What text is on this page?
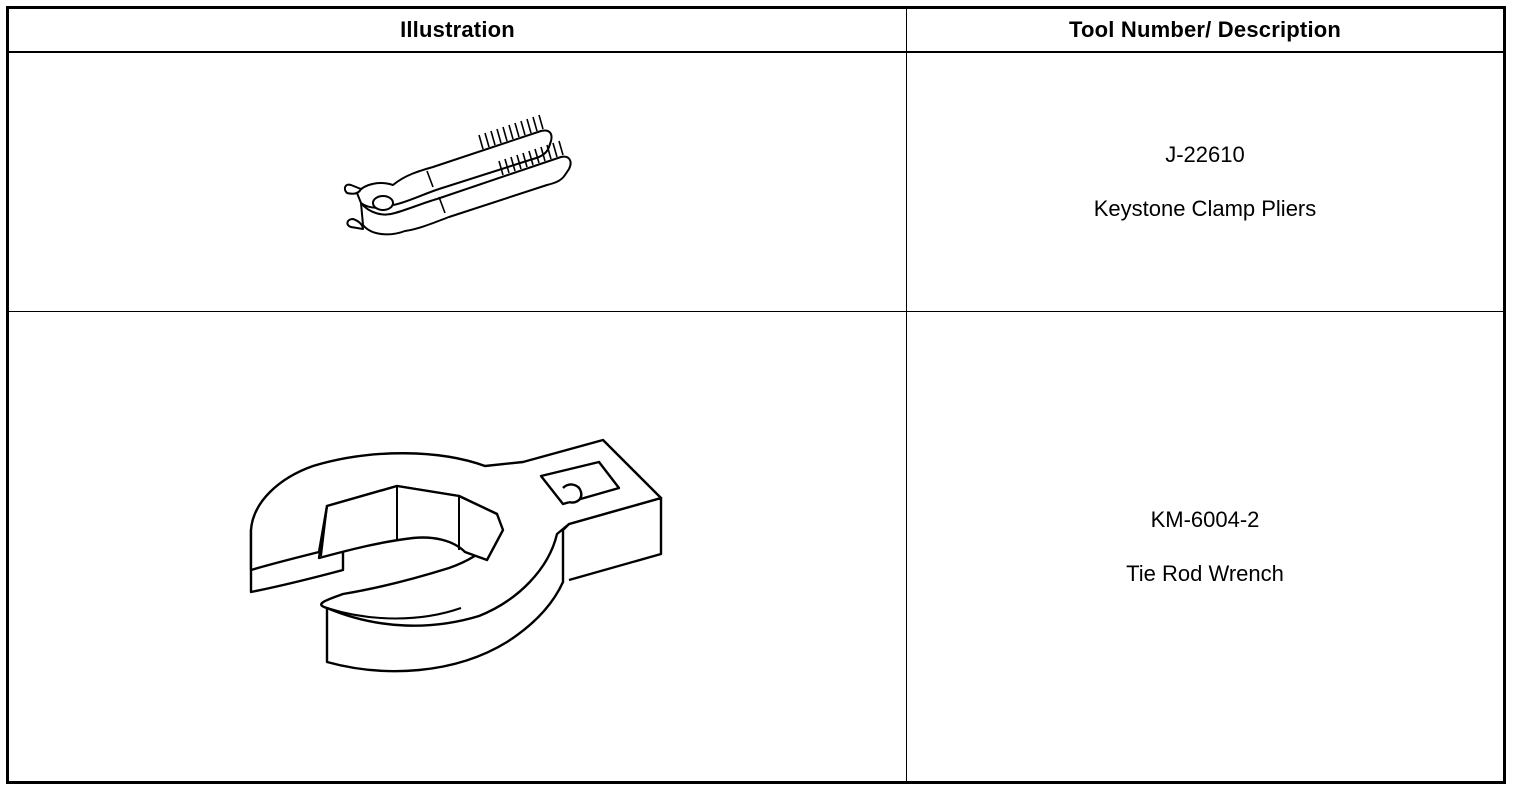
Illustration	Tool Number/ Description
J-22610
Keystone Clamp Pliers
KM-6004-2
Tie Rod Wrench
